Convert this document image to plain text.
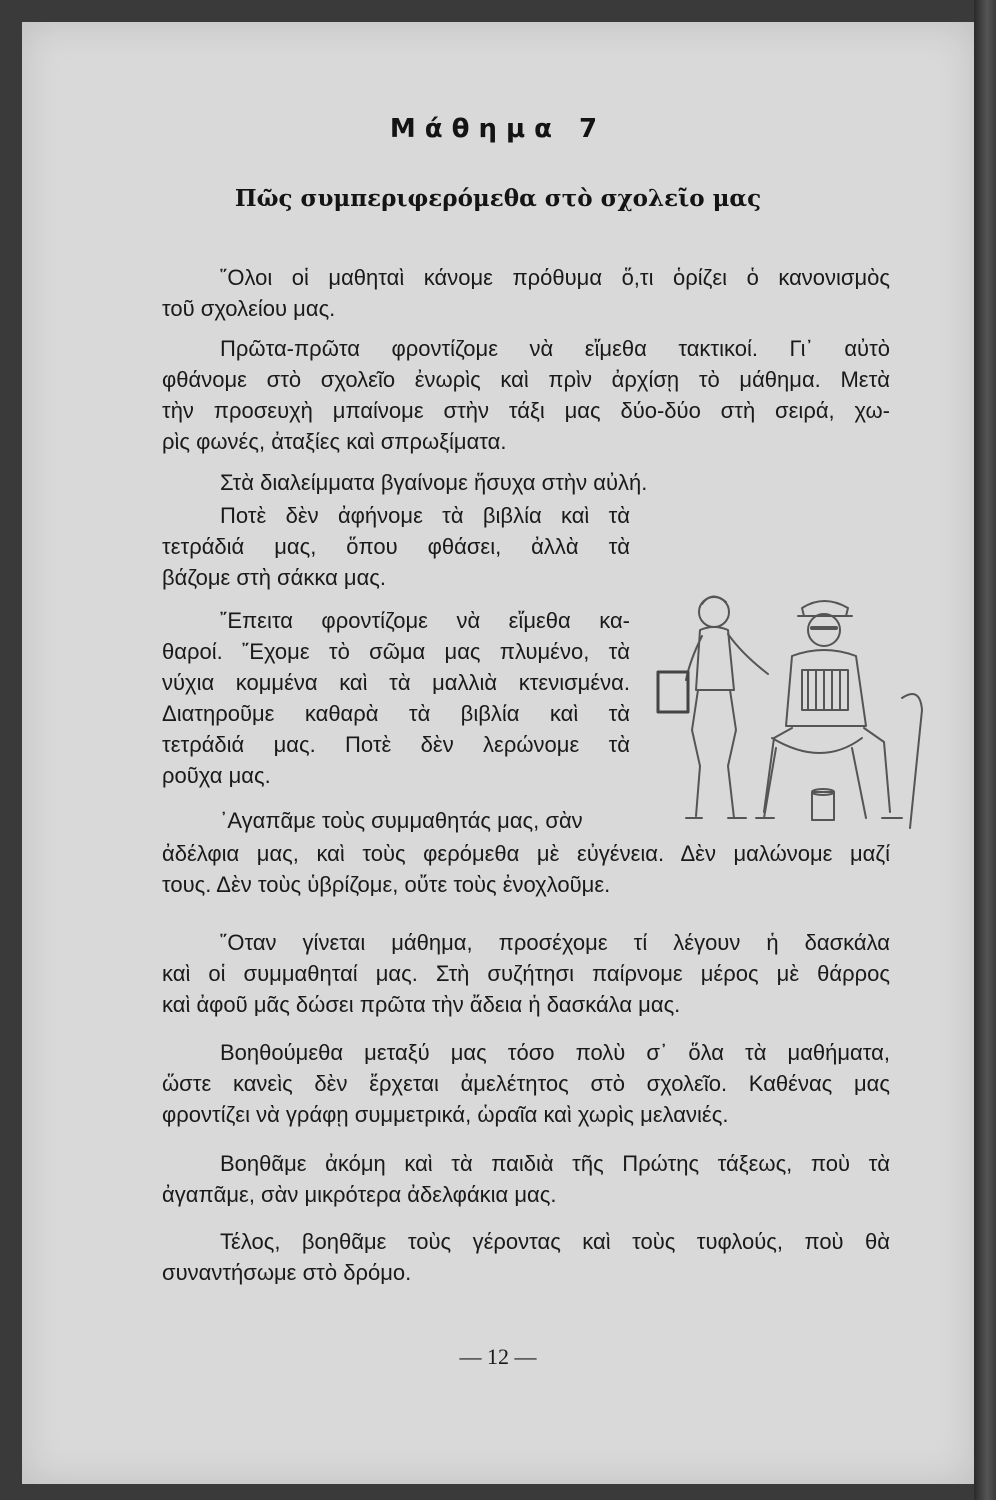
Μάθημα 7
Πῶς συμπεριφερόμεθα στὸ σχολεῖο μας
῞Ολοι οἱ μαθηταὶ κάνομε πρόθυμα ὅ,τι ὁρίζει ὁ κανονισμὸς
τοῦ σχολείου μας.
Πρῶτα-πρῶτα φροντίζομε νὰ εἴμεθα τακτικοί. Γι᾽ αὐτὸ
φθάνομε στὸ σχολεῖο ἐνωρὶς καὶ πρὶν ἀρχίσῃ τὸ μάθημα. Μετὰ
τὴν προσευχὴ μπαίνομε στὴν τάξι μας δύο-δύο στὴ σειρά, χω-
ρὶς φωνές, ἀταξίες καὶ σπρωξίματα.
Στὰ διαλείμματα βγαίνομε ἥσυχα στὴν αὐλή.
Ποτὲ δὲν ἀφήνομε τὰ βιβλία καὶ τὰ
τετράδιά μας, ὅπου φθάσει, ἀλλὰ τὰ
βάζομε στὴ σάκκα μας.
῎Επειτα φροντίζομε νὰ εἴμεθα κα-
θαροί. ῎Εχομε τὸ σῶμα μας πλυμένο, τὰ
νύχια κομμένα καὶ τὰ μαλλιὰ κτενισμένα.
Διατηροῦμε καθαρὰ τὰ βιβλία καὶ τὰ
τετράδιά μας. Ποτὲ δὲν λερώνομε τὰ
ροῦχα μας.
᾽Αγαπᾶμε τοὺς συμμαθητάς μας, σὰν
ἀδέλφια μας, καὶ τοὺς φερόμεθα μὲ εὐγένεια. Δὲν μαλώνομε μαζί
τους. Δὲν τοὺς ὑβρίζομε, οὔτε τοὺς ἐνοχλοῦμε.
῞Οταν γίνεται μάθημα, προσέχομε τί λέγουν ἡ δασκάλα
καὶ οἱ συμμαθηταί μας. Στὴ συζήτησι παίρνομε μέρος μὲ θάρρος
καὶ ἀφοῦ μᾶς δώσει πρῶτα τὴν ἄδεια ἡ δασκάλα μας.
Βοηθούμεθα μεταξύ μας τόσο πολὺ σ᾽ ὅλα τὰ μαθήματα,
ὥστε κανεὶς δὲν ἔρχεται ἀμελέτητος στὸ σχολεῖο. Καθένας μας
φροντίζει νὰ γράφῃ συμμετρικά, ὡραῖα καὶ χωρὶς μελανιές.
Βοηθᾶμε ἀκόμη καὶ τὰ παιδιὰ τῆς Πρώτης τάξεως, ποὺ τὰ
ἀγαπᾶμε, σὰν μικρότερα ἀδελφάκια μας.
Τέλος, βοηθᾶμε τοὺς γέροντας καὶ τοὺς τυφλούς, ποὺ θὰ
συναντήσωμε στὸ δρόμο.
— 12 —
